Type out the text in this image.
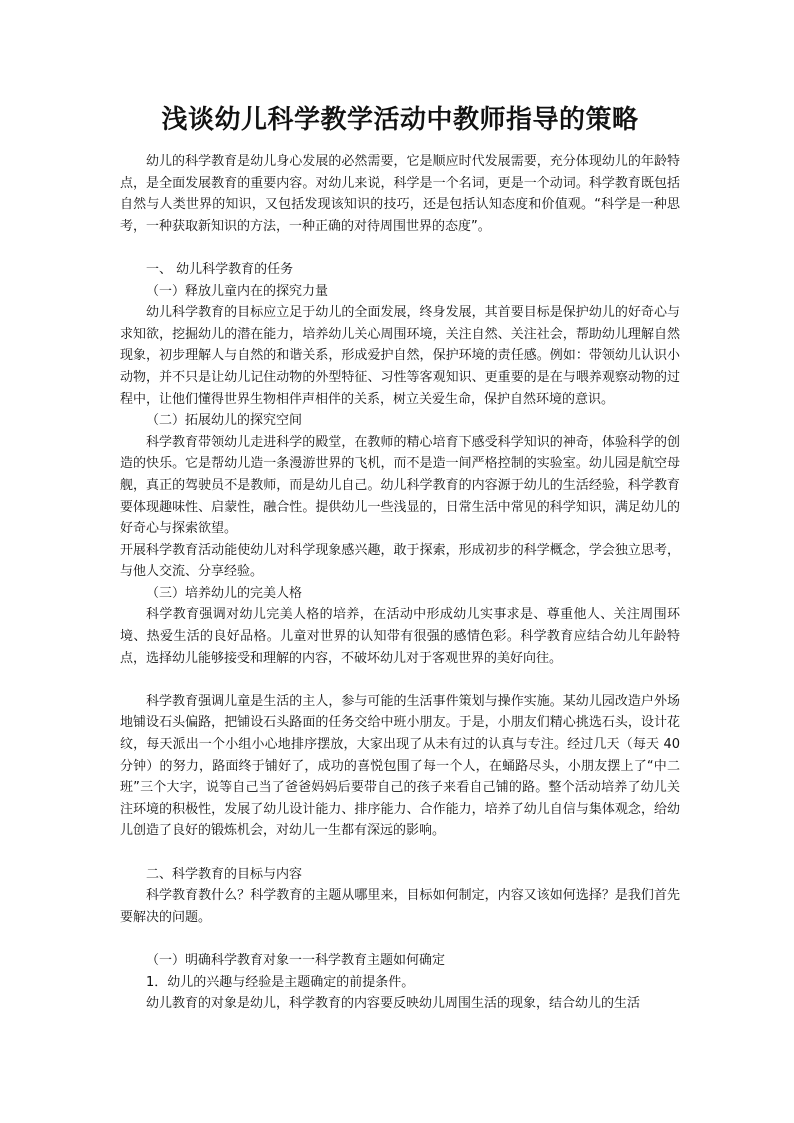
浅谈幼儿科学教学活动中教师指导的策略

幼儿的科学教育是幼儿身心发展的必然需要，它是顺应时代发展需要，充分体现幼儿的年龄特点，是全面发展教育的重要内容。对幼儿来说，科学是一个名词，更是一个动词。科学教育既包括自然与人类世界的知识，又包括发现该知识的技巧，还是包括认知态度和价值观。“科学是一种思考，一种获取新知识的方法，一种正确的对待周围世界的态度”。

一、 幼儿科学教育的任务

（一）释放儿童内在的探究力量

幼儿科学教育的目标应立足于幼儿的全面发展，终身发展，其首要目标是保护幼儿的好奇心与求知欲，挖掘幼儿的潜在能力，培养幼儿关心周围环境，关注自然、关注社会，帮助幼儿理解自然现象，初步理解人与自然的和谐关系，形成爱护自然，保护环境的责任感。例如：带领幼儿认识小动物，并不只是让幼儿记住动物的外型特征、习性等客观知识、更重要的是在与喂养观察动物的过程中，让他们懂得世界生物相伴声相伴的关系，树立关爱生命，保护自然环境的意识。

（二）拓展幼儿的探究空间

科学教育带领幼儿走进科学的殿堂，在教师的精心培育下感受科学知识的神奇，体验科学的创造的快乐。它是帮幼儿造一条漫游世界的飞机，而不是造一间严格控制的实验室。幼儿园是航空母舰，真正的驾驶员不是教师，而是幼儿自己。幼儿科学教育的内容源于幼儿的生活经验，科学教育要体现趣味性、启蒙性，融合性。提供幼儿一些浅显的，日常生活中常见的科学知识，满足幼儿的好奇心与探索欲望。

开展科学教育活动能使幼儿对科学现象感兴趣，敢于探索，形成初步的科学概念，学会独立思考，与他人交流、分享经验。

（三）培养幼儿的完美人格

科学教育强调对幼儿完美人格的培养，在活动中形成幼儿实事求是、尊重他人、关注周围环境、热爱生活的良好品格。儿童对世界的认知带有很强的感情色彩。科学教育应结合幼儿年龄特点，选择幼儿能够接受和理解的内容，不破坏幼儿对于客观世界的美好向往。

科学教育强调儿童是生活的主人，参与可能的生活事件策划与操作实施。某幼儿园改造户外场地铺设石头偏路，把铺设石头路面的任务交给中班小朋友。于是，小朋友们精心挑选石头，设计花纹，每天派出一个小组小心地排序摆放，大家出现了从未有过的认真与专注。经过几天（每天 40 分钟）的努力，路面终于铺好了，成功的喜悦包围了每一个人，在蛹路尽头，小朋友摆上了“中二班”三个大字，说等自己当了爸爸妈妈后要带自己的孩子来看自己铺的路。整个活动培养了幼儿关注环境的积极性，发展了幼儿设计能力、排序能力、合作能力，培养了幼儿自信与集体观念，给幼儿创造了良好的锻炼机会，对幼儿一生都有深远的影响。

二、科学教育的目标与内容

科学教育教什么？科学教育的主题从哪里来，目标如何制定，内容又该如何选择？是我们首先要解决的问题。

（一）明确科学教育对象一一科学教育主题如何确定

1．幼儿的兴趣与经验是主题确定的前提条件。

幼儿教育的对象是幼儿，科学教育的内容要反映幼儿周围生活的现象，结合幼儿的生活
